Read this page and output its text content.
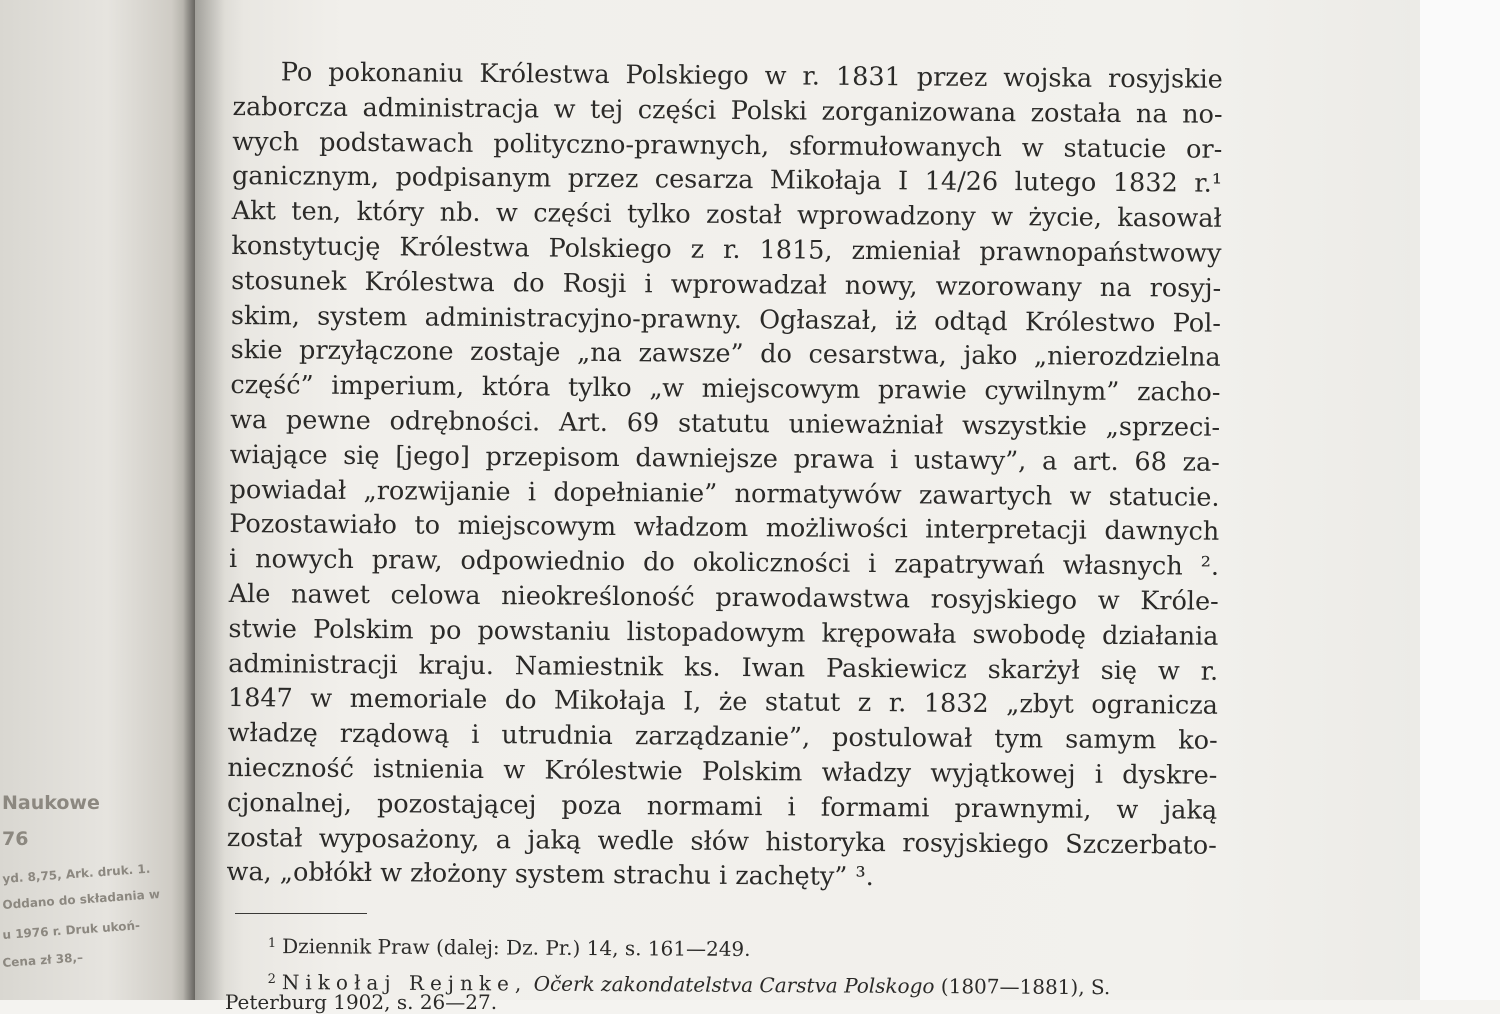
Naukowe
76
yd. 8,75, Ark. druk. 1.
Oddano do składania w
u 1976 r. Druk ukoń-
Cena zł 38,–
Po pokonaniu Królestwa Polskiego w r. 1831 przez wojska rosyjskie
zaborcza administracja w tej części Polski zorganizowana została na no-
wych podstawach polityczno-prawnych, sformułowanych w statucie or-
ganicznym, podpisanym przez cesarza Mikołaja I 14/26 lutego 1832 r.¹
Akt ten, który nb. w części tylko został wprowadzony w życie, kasował
konstytucję Królestwa Polskiego z r. 1815, zmieniał prawnopaństwowy
stosunek Królestwa do Rosji i wprowadzał nowy, wzorowany na rosyj-
skim, system administracyjno-prawny. Ogłaszał, iż odtąd Królestwo Pol-
skie przyłączone zostaje „na zawsze” do cesarstwa, jako „nierozdzielna
część” imperium, która tylko „w miejscowym prawie cywilnym” zacho-
wa pewne odrębności. Art. 69 statutu unieważniał wszystkie „sprzeci-
wiające się [jego] przepisom dawniejsze prawa i ustawy”, a art. 68 za-
powiadał „rozwijanie i dopełnianie” normatywów zawartych w statucie.
Pozostawiało to miejscowym władzom możliwości interpretacji dawnych
i nowych praw, odpowiednio do okoliczności i zapatrywań własnych ².
Ale nawet celowa nieokreśloność prawodawstwa rosyjskiego w Króle-
stwie Polskim po powstaniu listopadowym krępowała swobodę działania
administracji kraju. Namiestnik ks. Iwan Paskiewicz skarżył się w r.
1847 w memoriale do Mikołaja I, że statut z r. 1832 „zbyt ogranicza
władzę rządową i utrudnia zarządzanie”, postulował tym samym ko-
nieczność istnienia w Królestwie Polskim władzy wyjątkowej i dyskre-
cjonalnej, pozostającej poza normami i formami prawnymi, w jaką
został wyposażony, a jaką wedle słów historyka rosyjskiego Szczerbato-
wa, „obłókł w złożony system strachu i zachęty” ³.
$^1$ Dziennik Praw (dalej: Dz. Pr.) 14, s. 161—249.
$^2$ Nikołaj Rejnke, Očerk zakondatelstva Carstva Polskogo (1807—1881), S.
Peterburg 1902, s. 26—27.
